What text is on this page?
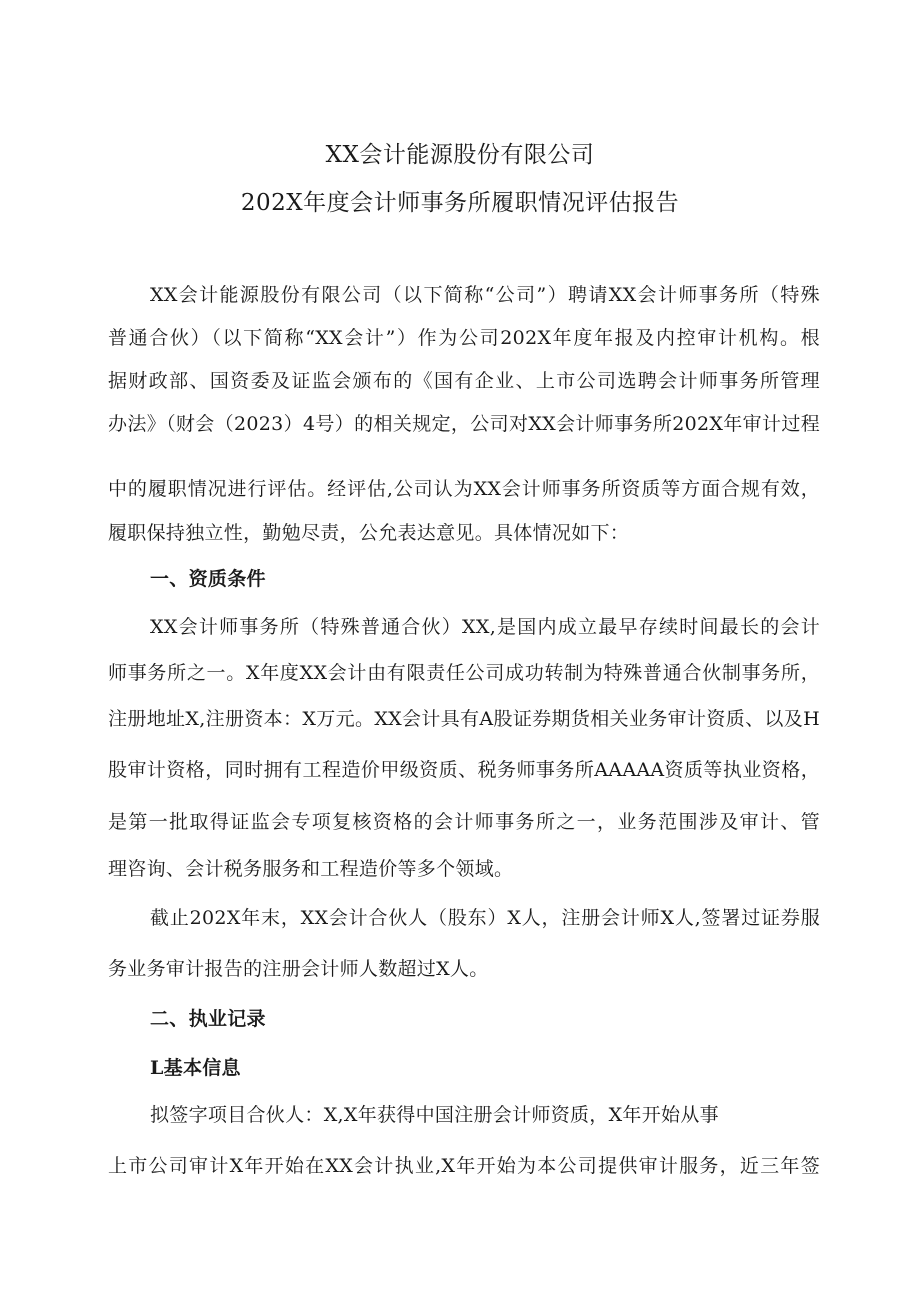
XX会计能源股份有限公司
202X年度会计师事务所履职情况评估报告
XX会计能源股份有限公司（以下简称“公司”）聘请XX会计师事务所（特殊
普通合伙）（以下简称“XX会计”）作为公司202X年度年报及内控审计机构。根
据财政部、国资委及证监会颁布的《国有企业、上市公司选聘会计师事务所管理
办法》（财会（2023）4号）的相关规定，公司对XX会计师事务所202X年审计过程
中的履职情况进行评估。经评估,公司认为XX会计师事务所资质等方面合规有效，
履职保持独立性，勤勉尽责，公允表达意见。具体情况如下：
一、资质条件
XX会计师事务所（特殊普通合伙）XX,是国内成立最早存续时间最长的会计
师事务所之一。X年度XX会计由有限责任公司成功转制为特殊普通合伙制事务所，
注册地址X,注册资本：X万元。XX会计具有A股证券期货相关业务审计资质、以及H
股审计资格，同时拥有工程造价甲级资质、税务师事务所AAAAA资质等执业资格，
是第一批取得证监会专项复核资格的会计师事务所之一，业务范围涉及审计、管
理咨询、会计税务服务和工程造价等多个领域。
截止202X年末，XX会计合伙人（股东）X人，注册会计师X人,签署过证券服
务业务审计报告的注册会计师人数超过X人。
二、执业记录
L基本信息
拟签字项目合伙人：X,X年获得中国注册会计师资质，X年开始从事
上市公司审计X年开始在XX会计执业,X年开始为本公司提供审计服务，近三年签
